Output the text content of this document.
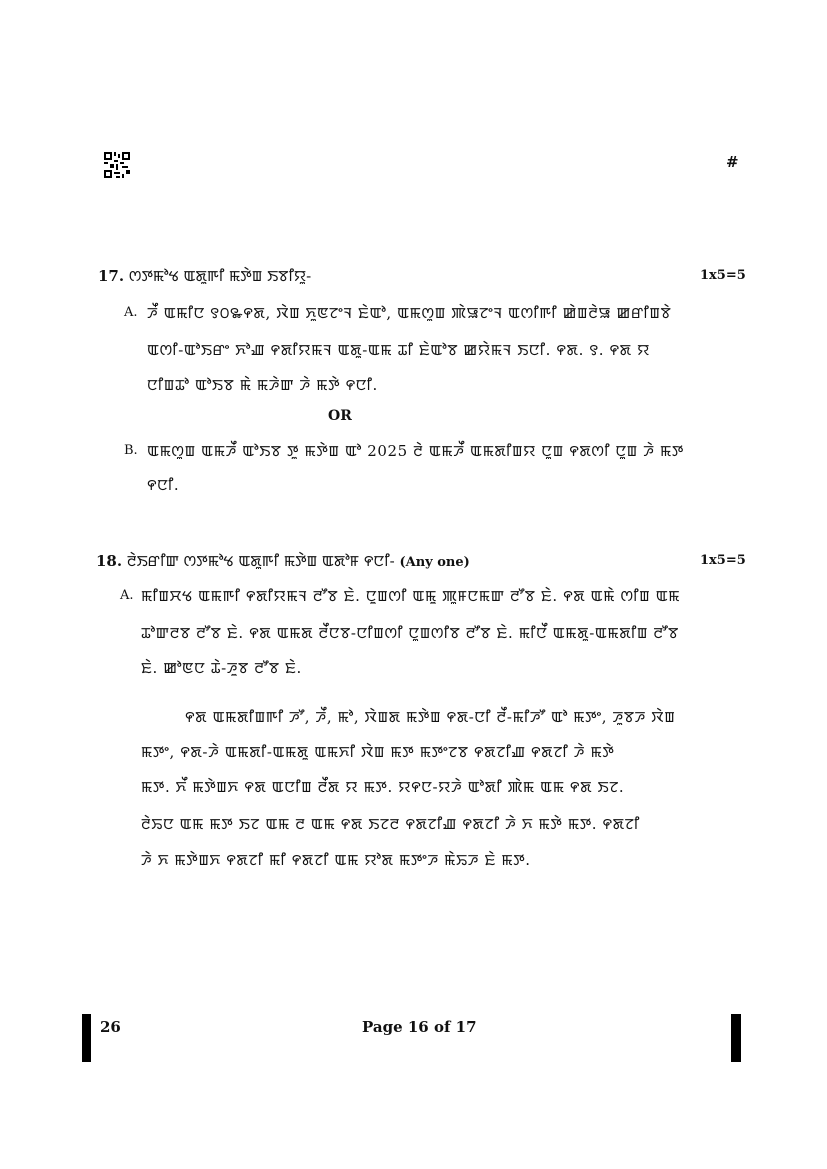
#
17. ꯁꯇꯃꯣꯠ ꯑꯗꯨꯒꯤ ꯃꯇꯥꯡ ꯏꯕꯤꯌꯨ-	1x5=5
A. ꯍꯩ ꯑꯃꯤꯅ ꯱꯰꯳꯵ꯗ, ꯋꯥꯡ ꯈꯨꯟꯖꯦꯜ ꯐꯥꯑꯣ, ꯑꯃꯁꯨꯡ ꯄꯥꯎꯖꯦꯜ ꯑꯁꯤꯒꯤ ꯀꯥꯡꯂꯥꯎ ꯀꯔꯤꯡꯕꯥ
ꯑꯁꯤ-ꯑꯣꯏꯔꯦ ꯈꯣꯉ ꯵ꯗꯤꯌꯃꯜ ꯑꯗꯨ-ꯑꯃ ꯊꯤ ꯐꯥꯑꯣꯕ ꯀꯌꯥꯃꯜ ꯏꯅꯤ. ꯵ꯗ. ꯱. ꯵ꯗ ꯌ
ꯅꯤꯡꯊꯣ ꯑꯣꯏꯕ ꯃꯥ ꯃꯍꯥꯛ ꯍꯥ ꯃꯇꯥ ꯵ꯅꯤ.
OR
B. ꯑꯃꯁꯨꯡ ꯑꯃꯍꯩ ꯑꯣꯏꯕ ꯇꯨ ꯃꯇꯥꯡ ꯑꯣ 2025 ꯂꯥ ꯑꯃꯍꯩ ꯑꯃꯗꯤꯡꯌ ꯅꯨꯡ ꯵ꯗꯁꯤ ꯅꯨꯡ ꯍꯥ ꯃꯇ
꯵ꯅꯤ.
18. ꯂꯥꯏꯔꯤꯛ ꯁꯇꯃꯣꯠ ꯑꯗꯨꯒꯤ ꯃꯇꯥꯡ ꯑꯗꯣꯝ ꯵ꯅꯤ- (Any one)	1x5=5
A. ꯃꯤꯡꯆꯠ ꯑꯃꯒꯤ ꯵ꯗꯤꯌꯃꯜ ꯂꯧꯕ ꯐꯥ. ꯅꯨꯡꯁꯤ ꯑꯃꯨ ꯄꯨꯝꯅꯃꯛ ꯂꯧꯕ ꯐꯥ. ꯵ꯗ ꯑꯃꯥ ꯁꯤꯡ ꯑꯃ
ꯊꯣꯛꯂꯕ ꯂꯧꯕ ꯐꯥ. ꯵ꯗ ꯑꯃꯗ ꯂꯩꯅꯕ-ꯅꯤꯡꯁꯤ ꯅꯨꯡꯁꯤꯕ ꯂꯧꯕ ꯐꯥ. ꯃꯤꯅꯩ ꯑꯃꯗꯨ-ꯑꯃꯗꯤꯡ ꯂꯧꯕ
ꯐꯥ. ꯀꯣꯟꯅ ꯊꯥ-ꯍꯨꯕ ꯂꯧꯕ ꯐꯥ.
꯵ꯗ ꯑꯃꯗꯤꯡꯒꯤ ꯍꯧ, ꯍꯩ, ꯃꯣ, ꯋꯥꯡꯗ ꯃꯇꯥꯡ ꯵ꯗ-ꯅꯤ ꯂꯩ-ꯃꯤꯍꯧ ꯑꯣ ꯃꯇꯦ, ꯍꯨꯕꯍ ꯋꯥꯡ
ꯃꯇꯦ, ꯵ꯗ-ꯍꯥ ꯑꯃꯗꯤ-ꯑꯃꯗꯨ ꯑꯃꯈꯤ ꯋꯥꯡ ꯃꯇ ꯃꯇꯦꯖꯕ ꯵ꯗꯖꯤꯉ ꯵ꯗꯖꯤ ꯍꯥ ꯃꯇꯥ
ꯃꯇ. ꯈꯩ ꯃꯇꯥꯡꯈ ꯵ꯗ ꯑꯅꯤꯡ ꯂꯩꯗ ꯌ ꯃꯇ. ꯌ꯵ꯅ-ꯌꯍꯥ ꯑꯣꯗꯤ ꯄꯥꯃ ꯑꯃ ꯵ꯗ ꯏꯖ.
ꯂꯥꯢꯅ ꯑꯃ ꯃꯇ ꯏꯖ ꯑꯃ ꯂ ꯑꯃ ꯵ꯗ ꯏꯖꯂ ꯵ꯗꯖꯤꯉ ꯵ꯗꯖꯤ ꯍꯥ ꯈ ꯃꯇꯥ ꯃꯇ. ꯵ꯗꯖꯤ
ꯍꯥ ꯈ ꯃꯇꯥꯡꯈ ꯵ꯗꯖꯤ ꯃꯤ ꯵ꯗꯖꯤ ꯑꯃ ꯌꯣꯗ ꯃꯇꯦꯍ ꯃꯥꯢꯍ ꯐꯥ ꯃꯇ.
26	Page 16 of 17
